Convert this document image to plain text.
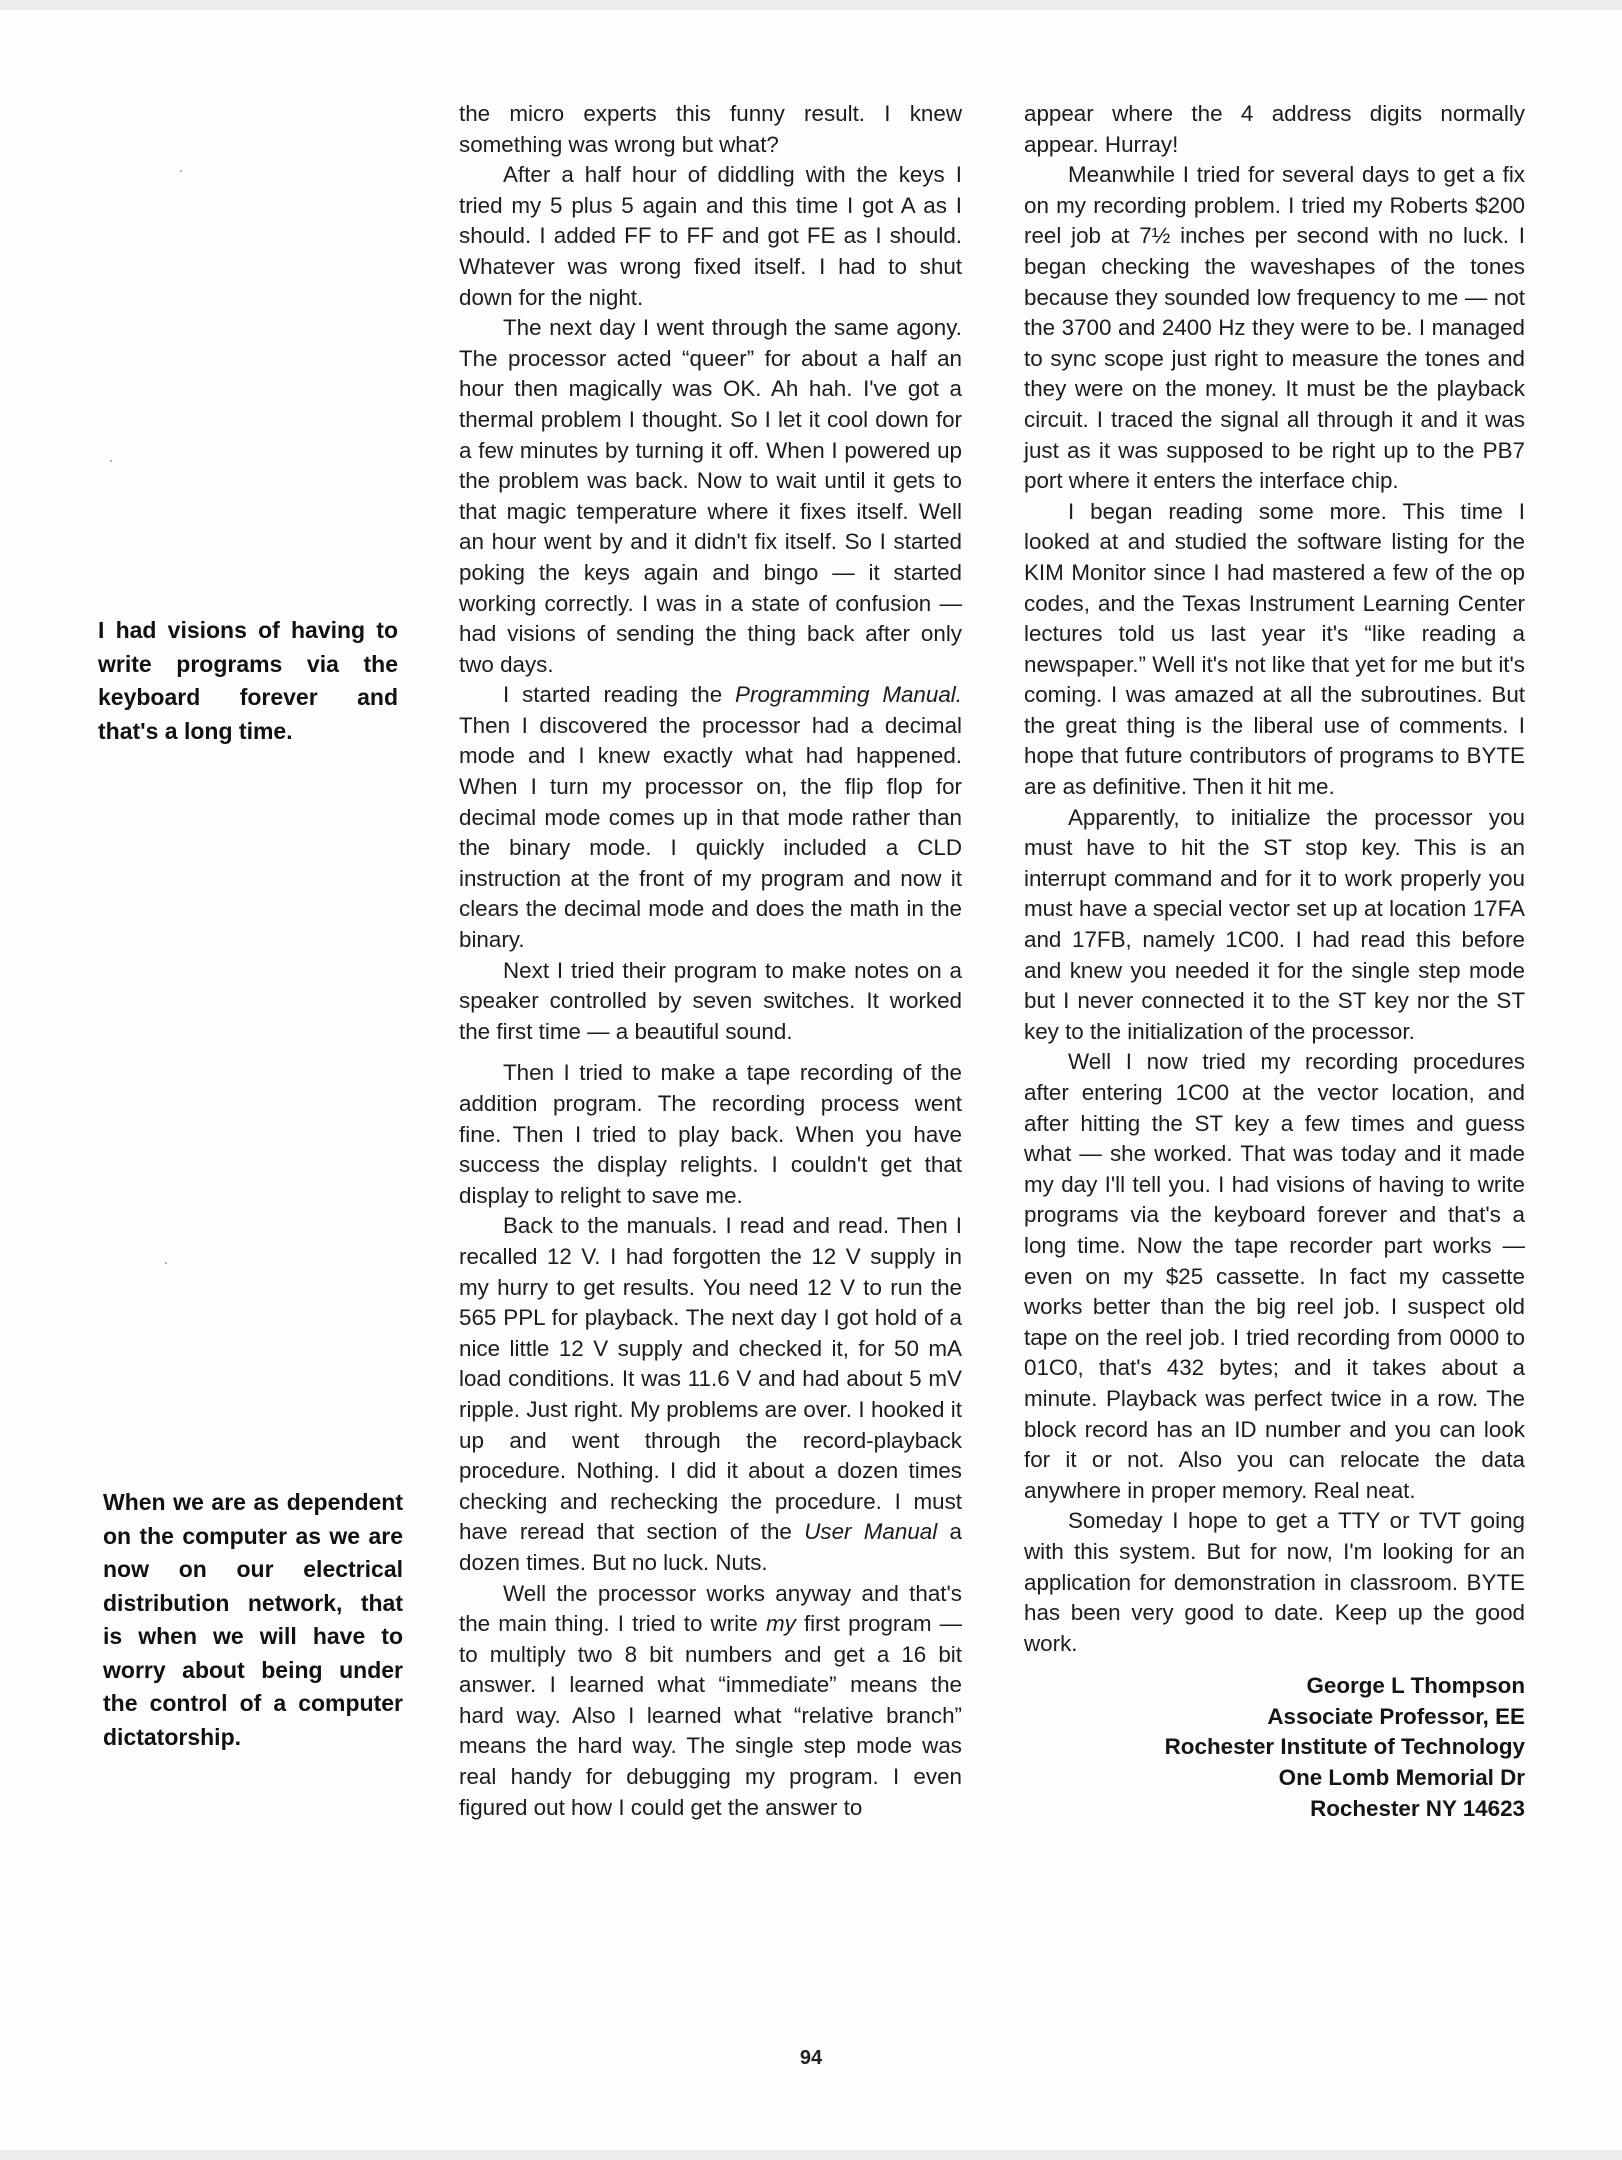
I had visions of having to write programs via the keyboard forever and that's a long time.
When we are as dependent on the computer as we are now on our electrical distribution network, that is when we will have to worry about being under the control of a computer dictatorship.

the micro experts this funny result. I knew something was wrong but what?

After a half hour of diddling with the keys I tried my 5 plus 5 again and this time I got A as I should. I added FF to FF and got FE as I should. Whatever was wrong fixed itself. I had to shut down for the night.

The next day I went through the same agony. The processor acted “queer” for about a half an hour then magically was OK. Ah hah. I've got a thermal problem I thought. So I let it cool down for a few minutes by turning it off. When I powered up the problem was back. Now to wait until it gets to that magic temperature where it fixes itself. Well an hour went by and it didn't fix itself. So I started poking the keys again and bingo — it started working correctly. I was in a state of confusion — had visions of sending the thing back after only two days.

I started reading the Programming Manual. Then I discovered the processor had a decimal mode and I knew exactly what had happened. When I turn my processor on, the flip flop for decimal mode comes up in that mode rather than the binary mode. I quickly included a CLD instruction at the front of my program and now it clears the decimal mode and does the math in the binary.

Next I tried their program to make notes on a speaker controlled by seven switches. It worked the first time — a beautiful sound.

Then I tried to make a tape recording of the addition program. The recording process went fine. Then I tried to play back. When you have success the display relights. I couldn't get that display to relight to save me.

Back to the manuals. I read and read. Then I recalled 12 V. I had forgotten the 12 V supply in my hurry to get results. You need 12 V to run the 565 PPL for playback. The next day I got hold of a nice little 12 V supply and checked it, for 50 mA load conditions. It was 11.6 V and had about 5 mV ripple. Just right. My problems are over. I hooked it up and went through the record-playback procedure. Nothing. I did it about a dozen times checking and rechecking the procedure. I must have reread that section of the User Manual a dozen times. But no luck. Nuts.

Well the processor works anyway and that's the main thing. I tried to write my first program — to multiply two 8 bit numbers and get a 16 bit answer. I learned what “immediate” means the hard way. Also I learned what “relative branch” means the hard way. The single step mode was real handy for debugging my program. I even figured out how I could get the answer to

appear where the 4 address digits normally appear. Hurray!

Meanwhile I tried for several days to get a fix on my recording problem. I tried my Roberts $200 reel job at 7½ inches per second with no luck. I began checking the waveshapes of the tones because they sounded low frequency to me — not the 3700 and 2400 Hz they were to be. I managed to sync scope just right to measure the tones and they were on the money. It must be the playback circuit. I traced the signal all through it and it was just as it was supposed to be right up to the PB7 port where it enters the interface chip.

I began reading some more. This time I looked at and studied the software listing for the KIM Monitor since I had mastered a few of the op codes, and the Texas Instrument Learning Center lectures told us last year it's “like reading a newspaper.” Well it's not like that yet for me but it's coming. I was amazed at all the subroutines. But the great thing is the liberal use of comments. I hope that future contributors of programs to BYTE are as definitive. Then it hit me.

Apparently, to initialize the processor you must have to hit the ST stop key. This is an interrupt command and for it to work properly you must have a special vector set up at location 17FA and 17FB, namely 1C00. I had read this before and knew you needed it for the single step mode but I never connected it to the ST key nor the ST key to the initialization of the processor.

Well I now tried my recording procedures after entering 1C00 at the vector location, and after hitting the ST key a few times and guess what — she worked. That was today and it made my day I'll tell you. I had visions of having to write programs via the keyboard forever and that's a long time. Now the tape recorder part works — even on my $25 cassette. In fact my cassette works better than the big reel job. I suspect old tape on the reel job. I tried recording from 0000 to 01C0, that's 432 bytes; and it takes about a minute. Playback was perfect twice in a row. The block record has an ID number and you can look for it or not. Also you can relocate the data anywhere in proper memory. Real neat.

Someday I hope to get a TTY or TVT going with this system. But for now, I'm looking for an application for demonstration in classroom. BYTE has been very good to date. Keep up the good work.

George L Thompson
Associate Professor, EE
Rochester Institute of Technology
One Lomb Memorial Dr
Rochester NY 14623
94
